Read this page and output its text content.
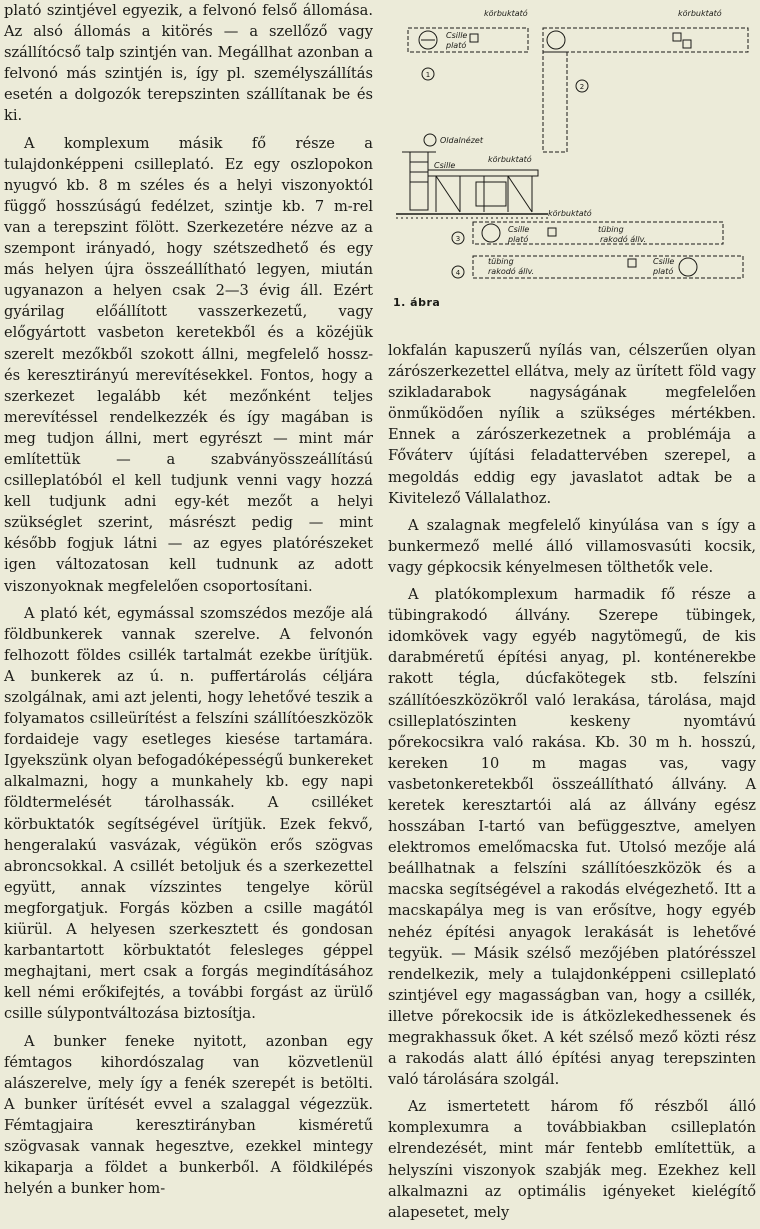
plató szintjével egyezik, a felvonó felső állomása. Az alsó állomás a kitörés — a szellőző vagy szállítócső talp szintjén van. Megállhat azonban a felvonó más szintjén is, így pl. személyszállítás esetén a dolgozók terepszinten szállítanak be és ki.

A komplexum másik fő része a tulajdonképpeni csilleplató. Ez egy oszlopokon nyugvó kb. 8 m széles és a helyi viszonyoktól függő hosszúságú fedélzet, szintje kb. 7 m-rel van a terepszint fölött. Szerkezetére nézve az a szempont irányadó, hogy szétszedhető és egy más helyen újra összeállítható legyen, miután ugyanazon a helyen csak 2—3 évig áll. Ezért gyárilag előállított vasszerkezetű, vagy előgyártott vasbeton keretekből és a közéjük szerelt mezőkből szokott állni, megfelelő hossz- és keresztirányú merevítésekkel. Fontos, hogy a szerkezet legalább két mezőnként teljes merevítéssel rendelkezzék és így magában is meg tudjon állni, mert egyrészt — mint már említettük — a szabványösszeállítású csilleplatóból el kell tudjunk venni vagy hozzá kell tudjunk adni egy-két mezőt a helyi szükséglet szerint, másrészt pedig — mint később fogjuk látni — az egyes platórészeket igen változatosan kell tudnunk az adott viszonyoknak megfelelően csoportosítani.

A plató két, egymással szomszédos mezője alá földbunkerek vannak szerelve. A felvonón felhozott földes csillék tartalmát ezekbe ürítjük. A bunkerek az ú. n. puffertárolás céljára szolgálnak, ami azt jelenti, hogy lehetővé teszik a folyamatos csilleürítést a felszíni szállítóeszközök fordaideje vagy esetleges kiesése tartamára. Igyekszünk olyan befogadóképességű bunkereket alkalmazni, hogy a munkahely kb. egy napi földtermelését tárolhassák. A csilléket körbuktatók segítségével ürítjük. Ezek fekvő, hengeralakú vasvázak, végükön erős szögvas abroncsokkal. A csillét betoljuk és a szerkezettel együtt, annak vízszintes tengelye körül megforgatjuk. Forgás közben a csille magától kiürül. A helyesen szerkesztett és gondosan karbantartott körbuktatót felesleges géppel meghajtani, mert csak a forgás megindításához kell némi erőkifejtés, a további forgást az ürülő csille súlypontváltozása biztosítja.

A bunker feneke nyitott, azonban egy fémtagos kihordószalag van közvetlenül alászerelve, mely így a fenék szerepét is betölti. A bunker ürítését evvel a szalaggal végezzük. Fémtagjaira keresztirányban kisméretű szögvasak vannak hegesztve, ezekkel mintegy kikaparja a földet a bunkerből. A földkilépés helyén a bunker hom-

körbuktató	körbuktató
körbuktató
körbuktató
Csille
plató
Csille
Csille
plató
tübing
rakodó állv.
tübing
rakodó állv.
Csille
plató
Oldalnézet
1
2
3
4
1. ábra

lokfalán kapuszerű nyílás van, célszerűen olyan zárószerkezettel ellátva, mely az ürített föld vagy szikladarabok nagyságának megfelelően önműködően nyílik a szükséges mértékben. Ennek a zárószerkezetnek a problémája a Főváterv újítási feladattervében szerepel, a megoldás eddig egy javaslatot adtak be a Kivitelező Vállalathoz.

A szalagnak megfelelő kinyúlása van s így a bunkermező mellé álló villamosvasúti kocsik, vagy gépkocsik kényelmesen tölthetők vele.

A platókomplexum harmadik fő része a tübingrakodó állvány. Szerepe tübingek, idomkövek vagy egyéb nagytömegű, de kis darabméretű építési anyag, pl. konténerekbe rakott tégla, dúcfakötegek stb. felszíni szállítóeszközökről való lerakása, tárolása, majd csilleplatószinten keskeny nyomtávú pőrekocsikra való rakása. Kb. 30 m h. hosszú, kereken 10 m magas vas, vagy vasbetonkeretekből összeállítható állvány. A keretek keresztartói alá az állvány egész hosszában I-tartó van befüggesztve, amelyen elektromos emelőmacska fut. Utolsó mezője alá beállhatnak a felszíni szállítóeszközök és a macska segítségével a rakodás elvégezhető. Itt a macskapálya meg is van erősítve, hogy egyéb nehéz építési anyagok lerakását is lehetővé tegyük. — Másik szélső mezőjében platórésszel rendelkezik, mely a tulajdonképpeni csilleplató szintjével egy magasságban van, hogy a csillék, illetve pőrekocsik ide is átközlekedhessenek és megrakhassuk őket. A két szélső mező közti rész a rakodás alatt álló építési anyag terepszinten való tárolására szolgál.

Az ismertetett három fő részből álló komplexumra a továbbiakban csilleplatón elrendezését, mint már fentebb említettük, a helyszíni viszonyok szabják meg. Ezekhez kell alkalmazni az optimális igényeket kielégítő alapesetet, mely
